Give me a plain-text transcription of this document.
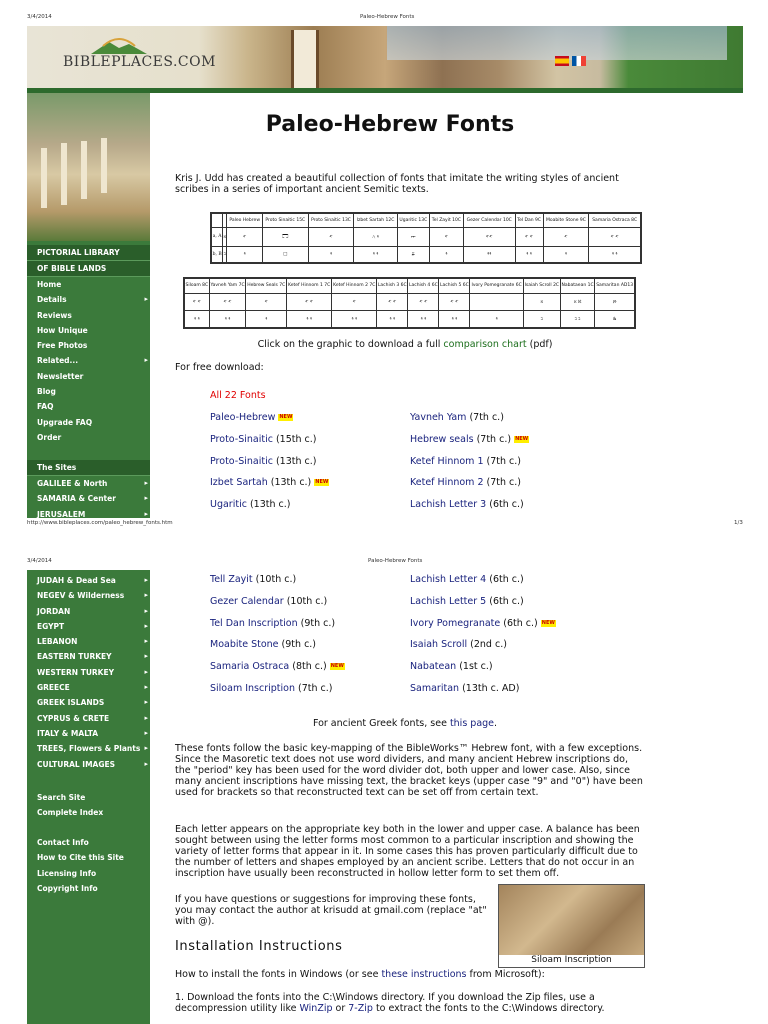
3/4/2014	Paleo-Hebrew Fonts
BIBLEPLACES.COM
PICTORIAL LIBRARY
OF BIBLE LANDS
Home
Details ▸
Reviews
How Unique
Free Photos
Related... ▸
Newsletter
Blog
FAQ
Upgrade FAQ
Order
The Sites
GALILEE & North ▸
SAMARIA & Center ▸
JERUSALEM ▸
Paleo-Hebrew Fonts
Kris J. Udd has created a beautiful collection of fonts that imitate the writing styles of ancient scribes in a series of important ancient Semitic texts.
		Paleo Hebrew	Proto Sinaitic 15C	Proto Sinaitic 13C	Izbet Sartah 12C	Ugaritic 13C	Tel Zayit 10C	Gezer Calendar 10C	Tel Dan 9C	Moabite Stone 9C	Samaria Ostraca 8C
a, A	א	𐤀	𓉐	𐤀	𐤁 𐤂	𐎀	𐤀	𐤀𐤀	𐤀 𐤀	𐤀	𐤀 𐤀
b, B	ב	𐤁	□	𐤁	𐤁 𐤁	𐎁	𐤁	𐤁𐤁	𐤁 𐤁	𐤁	𐤁 𐤁
Siloam 8C	Yavneh Yam 7C	Hebrew Seals 7C	Ketef Hinnom 1 7C	Ketef Hinnom 2 7C	Lachish 3 6C	Lachish 4 6C	Lachish 5 6C	Ivory Pomegranate 6C	Isaiah Scroll 2C	Nabataean 1C	Samaritan AD13
𐤀 𐤀	𐤀 𐤀	𐤀	𐤀 𐤀	𐤀	𐤀 𐤀	𐤀 𐤀	𐤀 𐤀		א	א ℵ	ࠀ
𐤁 𐤁	𐤁 𐤁	𐤁	𐤁 𐤁	𐤁 𐤁	𐤁 𐤁	𐤁 𐤁	𐤁 𐤁	𐤁	ב	ב ב	ࠁ
Click on the graphic to download a full comparison chart (pdf)
For free download:
All 22 Fonts
Paleo-Hebrew NEW
Proto-Sinaitic (15th c.)
Proto-Sinaitic (13th c.)
Izbet Sartah (13th c.) NEW
Ugaritic (13th c.)
Yavneh Yam (7th c.)
Hebrew seals (7th c.) NEW
Ketef Hinnom 1 (7th c.)
Ketef Hinnom 2 (7th c.)
Lachish Letter 3 (6th c.)
http://www.bibleplaces.com/paleo_hebrew_fonts.htm	1/3
3/4/2014	Paleo-Hebrew Fonts
JUDAH & Dead Sea ▸
NEGEV & Wilderness ▸
JORDAN ▸
EGYPT ▸
LEBANON ▸
EASTERN TURKEY ▸
WESTERN TURKEY ▸
GREECE ▸
GREEK ISLANDS ▸
CYPRUS & CRETE ▸
ITALY & MALTA ▸
TREES, Flowers & Plants ▸
CULTURAL IMAGES ▸
Search Site
Complete Index
Contact Info
How to Cite this Site
Licensing Info
Copyright Info
Tell Zayit (10th c.)
Gezer Calendar (10th c.)
Tel Dan Inscription (9th c.)
Moabite Stone (9th c.)
Samaria Ostraca (8th c.) NEW
Siloam Inscription (7th c.)
Lachish Letter 4 (6th c.)
Lachish Letter 5 (6th c.)
Ivory Pomegranate (6th c.) NEW
Isaiah Scroll (2nd c.)
Nabatean (1st c.)
Samaritan (13th c. AD)
For ancient Greek fonts, see this page.
These fonts follow the basic key-mapping of the BibleWorks™ Hebrew font, with a few exceptions. Since the Masoretic text does not use word dividers, and many ancient Hebrew inscriptions do, the "period" key has been used for the word divider dot, both upper and lower case. Also, since many ancient inscriptions have missing text, the bracket keys (upper case "9" and "0") have been used for brackets so that reconstructed text can be set off from certain text.
Each letter appears on the appropriate key both in the lower and upper case. A balance has been sought between using the letter forms most common to a particular inscription and showing the variety of letter forms that appear in it. In some cases this has proven particularly difficult due to the number of letters and shapes employed by an ancient scribe. Letters that do not occur in an inscription have usually been reconstructed in hollow letter form to set them off.
If you have questions or suggestions for improving these fonts, you may contact the author at krisudd at gmail.com (replace "at" with @).
Siloam Inscription
Installation Instructions
How to install the fonts in Windows (or see these instructions from Microsoft):
1. Download the fonts into the C:\Windows directory. If you download the Zip files, use a decompression utility like WinZip or 7-Zip to extract the fonts to the C:\Windows directory.
